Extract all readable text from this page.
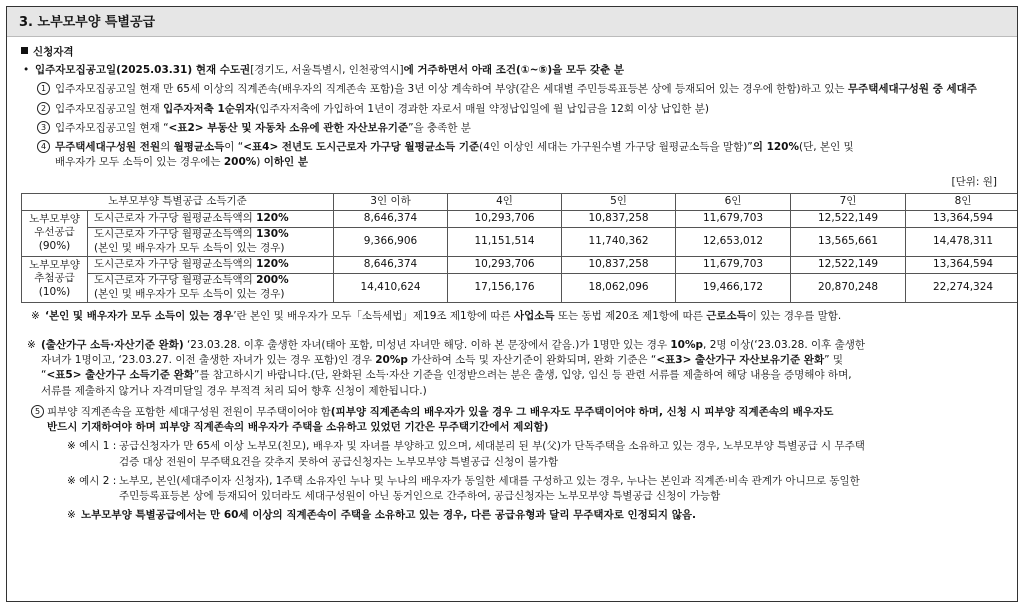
3. 노부모부양 특별공급
신청자격
• 입주자모집공고일(2025.03.31) 현재 수도권[경기도, 서울특별시, 인천광역시]에 거주하면서 아래 조건(①~⑤)을 모두 갖춘 분
1 입주자모집공고일 현재 만 65세 이상의 직계존속(배우자의 직계존속 포함)을 3년 이상 계속하여 부양(같은 세대별 주민등록표등본 상에 등재되어 있는 경우에 한함)하고 있는 무주택세대구성원 중 세대주
2 입주자모집공고일 현재 입주자저축 1순위자(입주자저축에 가입하여 1년이 경과한 자로서 매월 약정납입일에 월 납입금을 12회 이상 납입한 분)
3 입주자모집공고일 현재 “<표2> 부동산 및 자동차 소유에 관한 자산보유기준”을 충족한 분
4 무주택세대구성원 전원의 월평균소득이 “<표4> 전년도 도시근로자 가구당 월평균소득 기준(4인 이상인 세대는 가구원수별 가구당 월평균소득을 말함)”의 120%(단, 본인 및
배우자가 모두 소득이 있는 경우에는 200%) 이하인 분
[단위: 원]
노부모부양 특별공급 소득기준		3인 이하	4인	5인	6인	7인	8인
노부모부양
우선공급
(90%)	도시근로자 가구당 월평균소득액의 120%	8,646,374	10,293,706	10,837,258	11,679,703	12,522,149	13,364,594
	도시근로자 가구당 월평균소득액의 130%
(본인 및 배우자가 모두 소득이 있는 경우)	9,366,906	11,151,514	11,740,362	12,653,012	13,565,661	14,478,311
노부모부양
추첨공급
(10%)	도시근로자 가구당 월평균소득액의 120%	8,646,374	10,293,706	10,837,258	11,679,703	12,522,149	13,364,594
	도시근로자 가구당 월평균소득액의 200%
(본인 및 배우자가 모두 소득이 있는 경우)	14,410,624	17,156,176	18,062,096	19,466,172	20,870,248	22,274,324
※ ‘본인 및 배우자가 모두 소득이 있는 경우’란 본인 및 배우자가 모두「소득세법」제19조 제1항에 따른 사업소득 또는 동법 제20조 제1항에 따른 근로소득이 있는 경우를 말함.
※ (출산가구 소득·자산기준 완화) ‘23.03.28. 이후 출생한 자녀(태아 포함, 미성년 자녀만 해당. 이하 본 문장에서 같음.)가 1명만 있는 경우 10%p, 2명 이상(‘23.03.28. 이후 출생한
자녀가 1명이고, ‘23.03.27. 이전 출생한 자녀가 있는 경우 포함)인 경우 20%p 가산하여 소득 및 자산기준이 완화되며, 완화 기준은 “<표3> 출산가구 자산보유기준 완화” 및
“<표5> 출산가구 소득기준 완화”를 참고하시기 바랍니다.(단, 완화된 소득·자산 기준을 인정받으려는 분은 출생, 입양, 임신 등 관련 서류를 제출하여 해당 내용을 증명해야 하며,
서류를 제출하지 않거나 자격미달일 경우 부적격 처리 되어 향후 신청이 제한됩니다.)
5 피부양 직계존속을 포함한 세대구성원 전원이 무주택이어야 함(피부양 직계존속의 배우자가 있을 경우 그 배우자도 무주택이어야 하며, 신청 시 피부양 직계존속의 배우자도
반드시 기재하여야 하며 피부양 직계존속의 배우자가 주택을 소유하고 있었던 기간은 무주택기간에서 제외함)
※ 예시 1 : 공급신청자가 만 65세 이상 노부모(친모), 배우자 및 자녀를 부양하고 있으며, 세대분리 된 부(父)가 단독주택을 소유하고 있는 경우, 노부모부양 특별공급 시 무주택
검증 대상 전원이 무주택요건을 갖추지 못하여 공급신청자는 노부모부양 특별공급 신청이 불가함
※ 예시 2 : 노부모, 본인(세대주이자 신청자), 1주택 소유자인 누나 및 누나의 배우자가 동일한 세대를 구성하고 있는 경우, 누나는 본인과 직계존·비속 관계가 아니므로 동일한
주민등록표등본 상에 등재되어 있더라도 세대구성원이 아닌 동거인으로 간주하여, 공급신청자는 노부모부양 특별공급 신청이 가능함
※ 노부모부양 특별공급에서는 만 60세 이상의 직계존속이 주택을 소유하고 있는 경우, 다른 공급유형과 달리 무주택자로 인정되지 않음.
